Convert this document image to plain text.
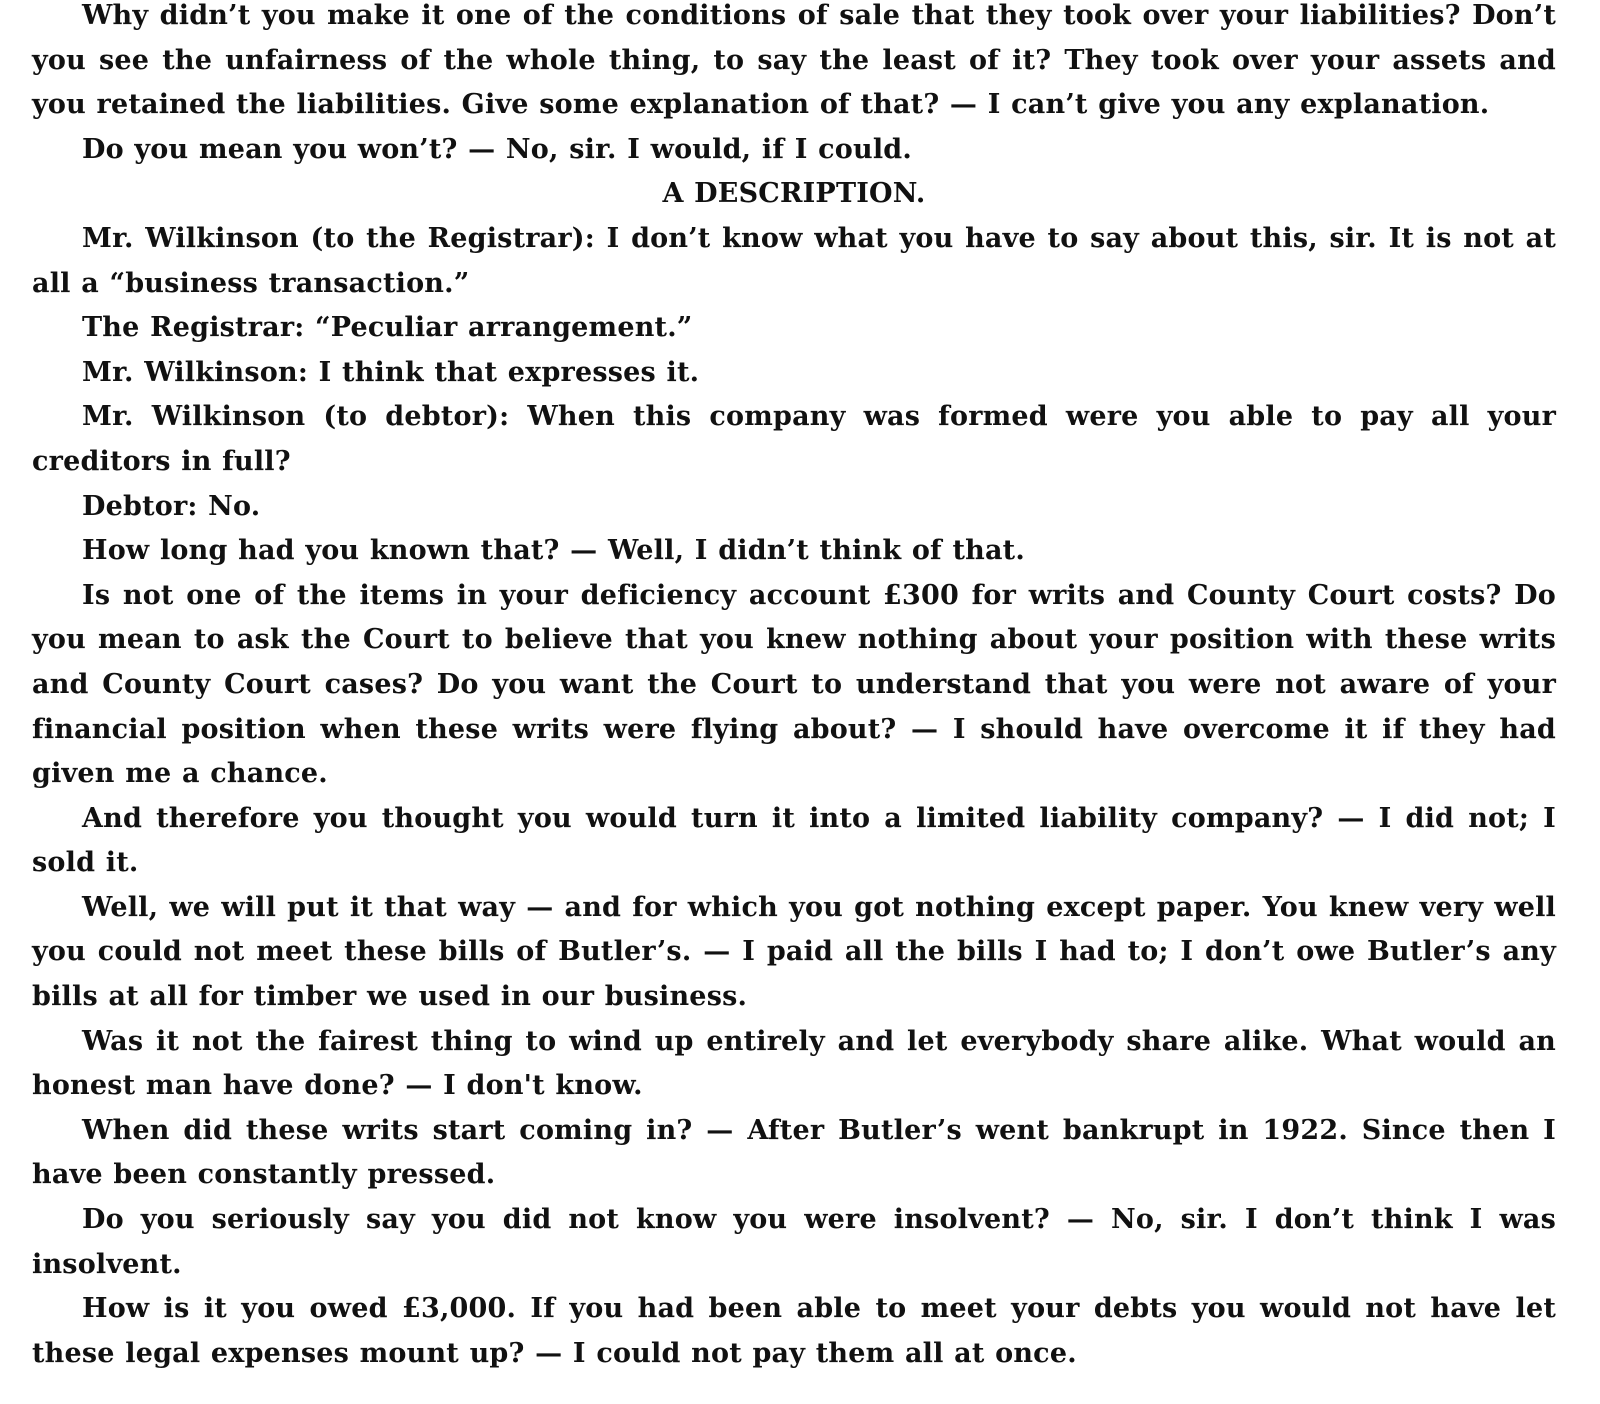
Why didn’t you make it one of the conditions of sale that they took over your liabilities? Don’t you see the unfairness of the whole thing, to say the least of it? They took over your assets and you retained the liabilities. Give some explanation of that? — I can’t give you any explanation.

Do you mean you won’t? — No, sir. I would, if I could.

A DESCRIPTION.

Mr. Wilkinson (to the Registrar): I don’t know what you have to say about this, sir. It is not at all a “business transaction.”

The Registrar: “Peculiar arrangement.”

Mr. Wilkinson: I think that expresses it.

Mr. Wilkinson (to debtor): When this company was formed were you able to pay all your creditors in full?

Debtor: No.

How long had you known that? — Well, I didn’t think of that.

Is not one of the items in your deficiency account £300 for writs and County Court costs? Do you mean to ask the Court to believe that you knew nothing about your position with these writs and County Court cases? Do you want the Court to understand that you were not aware of your financial position when these writs were flying about? — I should have overcome it if they had given me a chance.

And therefore you thought you would turn it into a limited liability company? — I did not; I sold it.

Well, we will put it that way — and for which you got nothing except paper. You knew very well you could not meet these bills of Butler’s. — I paid all the bills I had to; I don’t owe Butler’s any bills at all for timber we used in our business.

Was it not the fairest thing to wind up entirely and let everybody share alike. What would an honest man have done? — I don't know.

When did these writs start coming in? — After Butler’s went bankrupt in 1922. Since then I have been constantly pressed.

Do you seriously say you did not know you were insolvent? — No, sir. I don’t think I was insolvent.

How is it you owed £3,000. If you had been able to meet your debts you would not have let these legal expenses mount up? — I could not pay them all at once.
